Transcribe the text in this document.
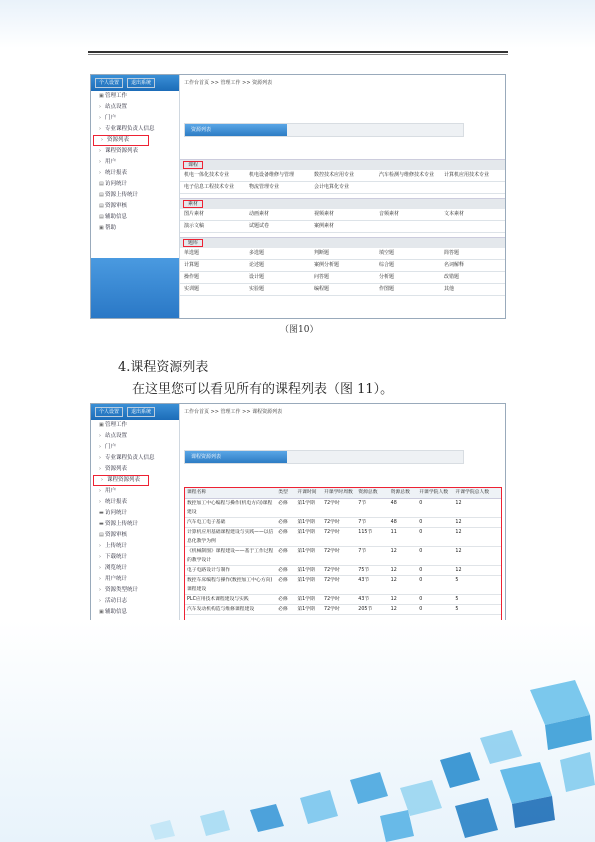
个人设置	退出系统
▣管理工作
› 站点设置
› 门户
› 专业课程负责人信息
› 资源列表
› 课程资源列表
› 用户
› 统计报表
▤访问统计
▤资源上传统计
▤资源审核
▤辅助信息
▣帮助
工作台首页 >> 管理工作 >> 资源列表
资源列表
课程
机电一体化技术专业	机电设备维修与管理	数控技术应用专业	汽车检测与维修技术专业	计算机应用技术专业
电子信息工程技术专业	物流管理专业	会计电算化专业
素材
图片素材	动画素材	视频素材	音频素材	文本素材
演示文稿	试题试卷	案例素材
题库
单选题	多选题	判断题	填空题	简答题
计算题	论述题	案例分析题	综合题	名词解释
操作题	设计题	问答题	分析题	改错题
实训题	实验题	编程题	作图题	其他
（图10）
4.课程资源列表
在这里您可以看见所有的课程列表（图 11）。
个人设置	退出系统
▣管理工作
› 站点设置
› 门户
› 专业课程负责人信息
› 资源列表
› 课程资源列表
› 用户
› 统计报表
▬访问统计
▬资源上传统计
▤资源审核
› 上传统计
› 下载统计
› 浏览统计
› 用户统计
› 资源类型统计
› 活动日志
▣辅助信息
工作台首页 >> 管理工作 >> 课程资源列表
课程资源列表
课程名称	类型	开课时间	开课学时周数	资源总数	资源总数	开课学院人数	开课学院总人数
数控加工中心编程与操作(机电方向)课程建设
必修	第1学期	72学时	7节	48	0	12
汽车电工电子基础	必修	第1学期	72学时	7节	48	0	12
计算机应用基础课程建设与实践——以信息化教学为例
必修	第1学期	72学时	115节	11	0	12
《机械制图》课程建设——基于工作过程的教学设计
必修	第1学期	72学时	7节	12	0	12
电子电路设计与制作	必修	第1学期	72学时	75节	12	0	12
数控车床编程与操作(数控加工中心方向)课程建设
必修	第1学期	72学时	43节	12	0	5
PLC应用技术课程建设与实践	必修	第1学期	72学时	43节	12	0	5
汽车发动机构造与维修课程建设	必修	第1学期	72学时	205节	12	0	5
